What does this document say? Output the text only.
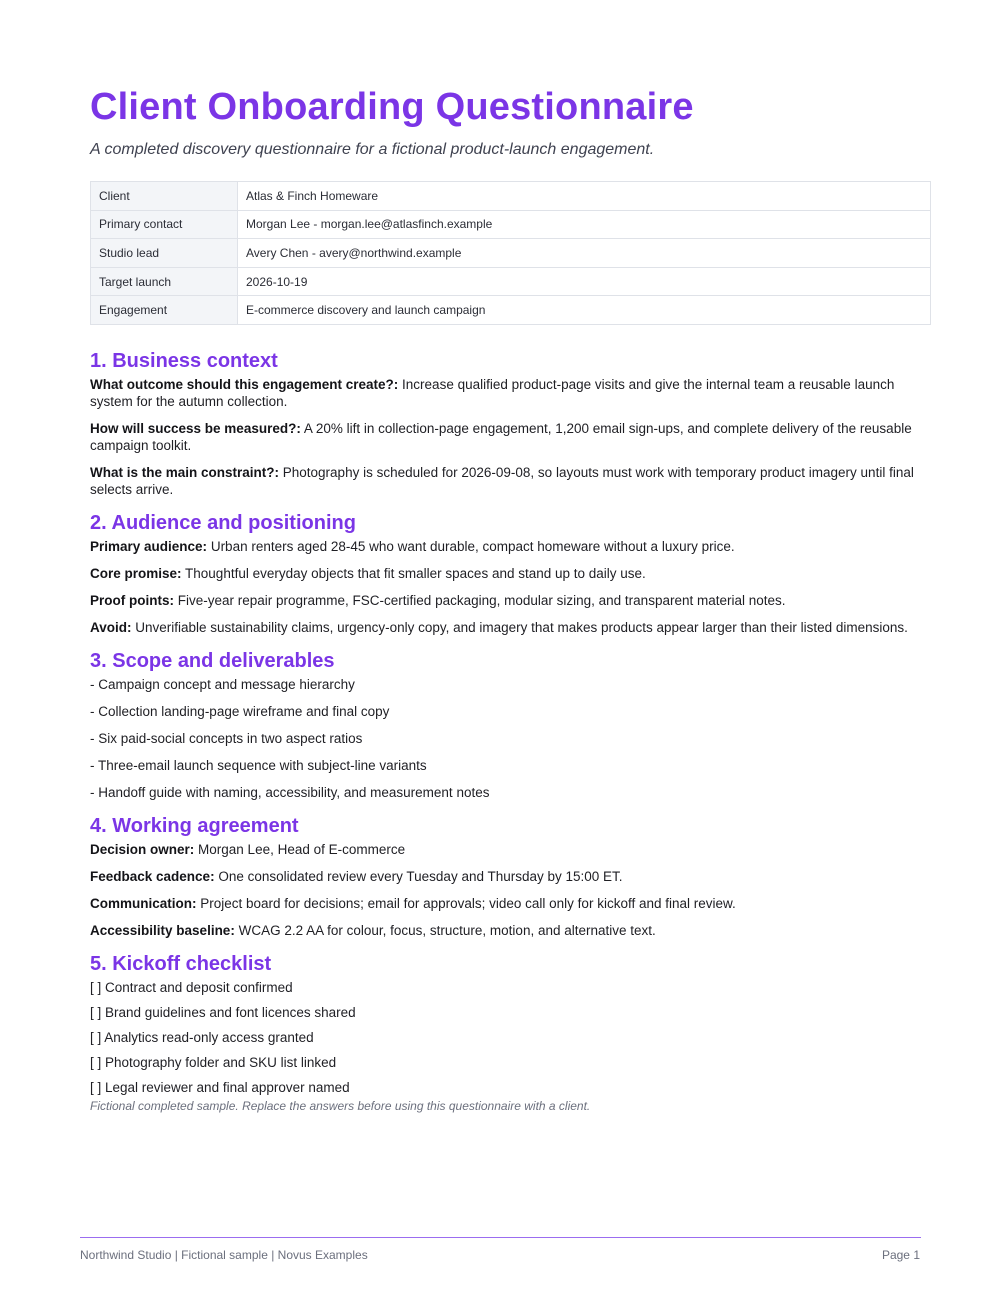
Client Onboarding Questionnaire
A completed discovery questionnaire for a fictional product-launch engagement.
Client	Atlas & Finch Homeware
Primary contact	Morgan Lee - morgan.lee@atlasfinch.example
Studio lead	Avery Chen - avery@northwind.example
Target launch	2026-10-19
Engagement	E-commerce discovery and launch campaign
1. Business context

What outcome should this engagement create?: Increase qualified product-page visits and give the internal team a reusable launch system for the autumn collection.

How will success be measured?: A 20% lift in collection-page engagement, 1,200 email sign-ups, and complete delivery of the reusable campaign toolkit.

What is the main constraint?: Photography is scheduled for 2026-09-08, so layouts must work with temporary product imagery until final selects arrive.

2. Audience and positioning

Primary audience: Urban renters aged 28-45 who want durable, compact homeware without a luxury price.

Core promise: Thoughtful everyday objects that fit smaller spaces and stand up to daily use.

Proof points: Five-year repair programme, FSC-certified packaging, modular sizing, and transparent material notes.

Avoid: Unverifiable sustainability claims, urgency-only copy, and imagery that makes products appear larger than their listed dimensions.

3. Scope and deliverables

- Campaign concept and message hierarchy

- Collection landing-page wireframe and final copy

- Six paid-social concepts in two aspect ratios

- Three-email launch sequence with subject-line variants

- Handoff guide with naming, accessibility, and measurement notes

4. Working agreement

Decision owner: Morgan Lee, Head of E-commerce

Feedback cadence: One consolidated review every Tuesday and Thursday by 15:00 ET.

Communication: Project board for decisions; email for approvals; video call only for kickoff and final review.

Accessibility baseline: WCAG 2.2 AA for colour, focus, structure, motion, and alternative text.

5. Kickoff checklist

[ ] Contract and deposit confirmed

[ ] Brand guidelines and font licences shared

[ ] Analytics read-only access granted

[ ] Photography folder and SKU list linked

[ ] Legal reviewer and final approver named

Fictional completed sample. Replace the answers before using this questionnaire with a client.
Northwind Studio | Fictional sample | Novus Examples	Page 1
